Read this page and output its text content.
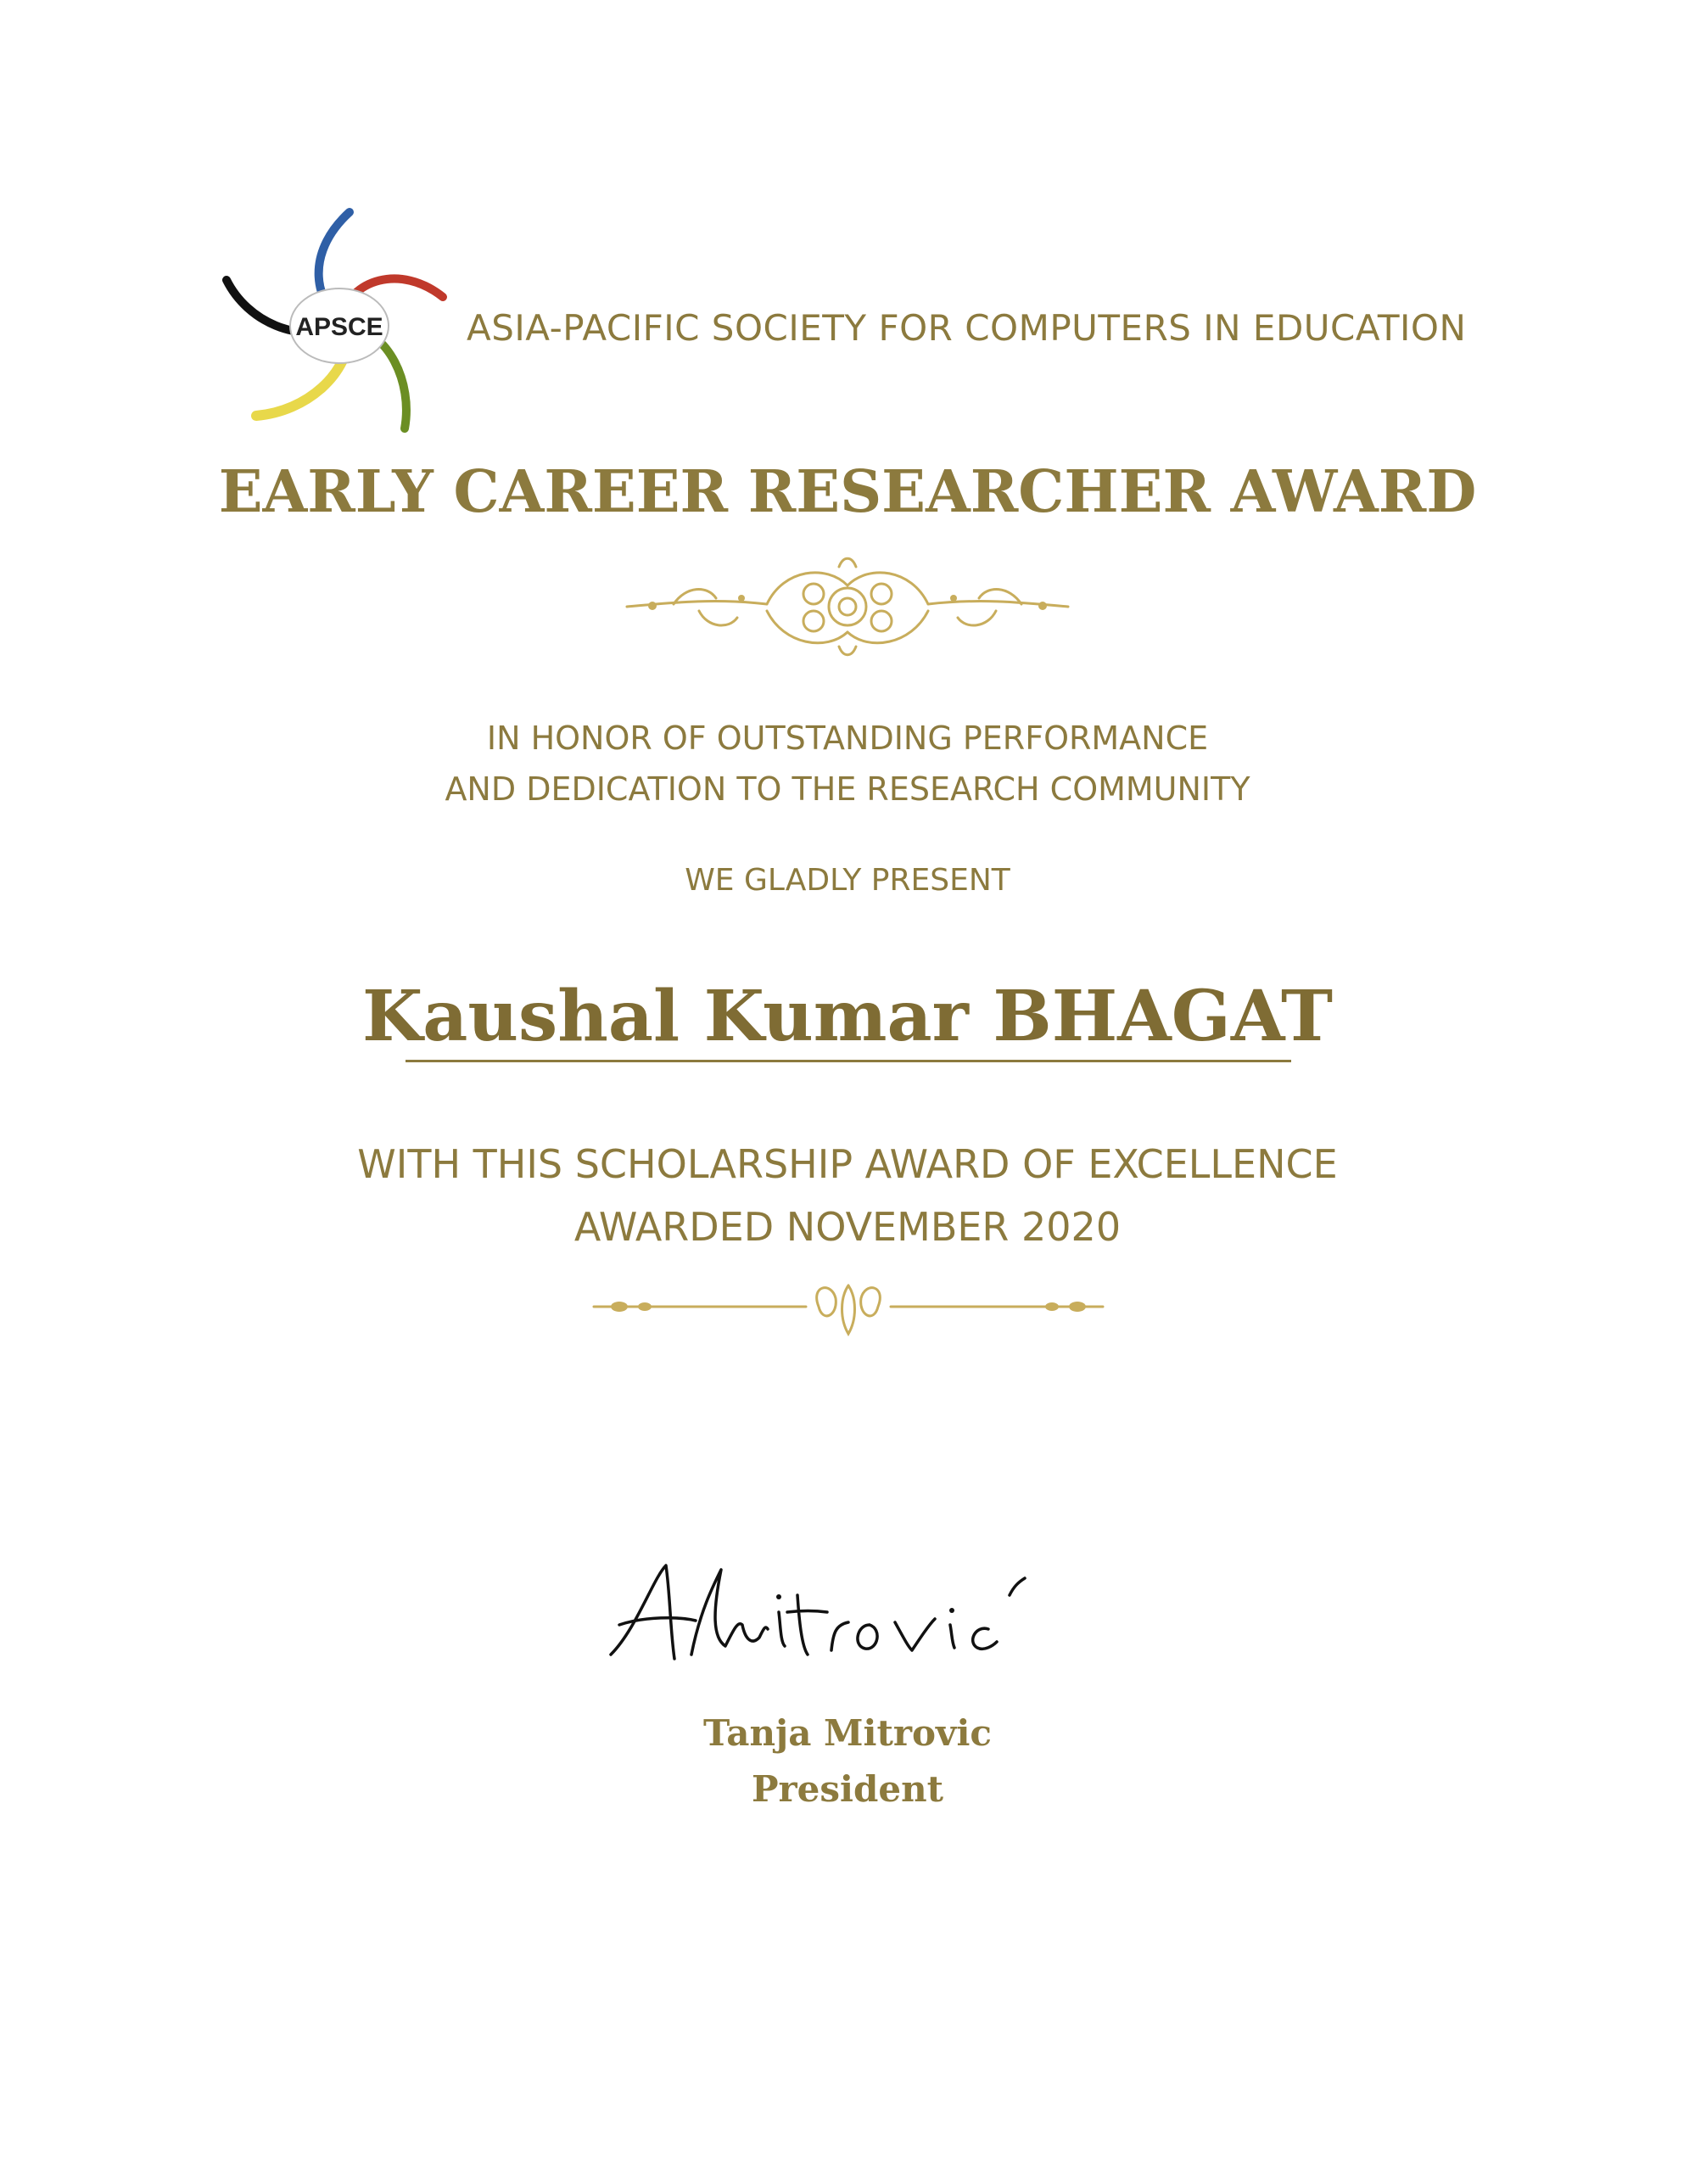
APSCE ASIA-PACIFIC SOCIETY FOR COMPUTERS IN EDUCATION
EARLY CAREER RESEARCHER AWARD
IN HONOR OF OUTSTANDING PERFORMANCE
AND DEDICATION TO THE RESEARCH COMMUNITY
WE GLADLY PRESENT
Kaushal Kumar BHAGAT
WITH THIS SCHOLARSHIP AWARD OF EXCELLENCE
AWARDED NOVEMBER 2020
Tanja Mitrovic
President
